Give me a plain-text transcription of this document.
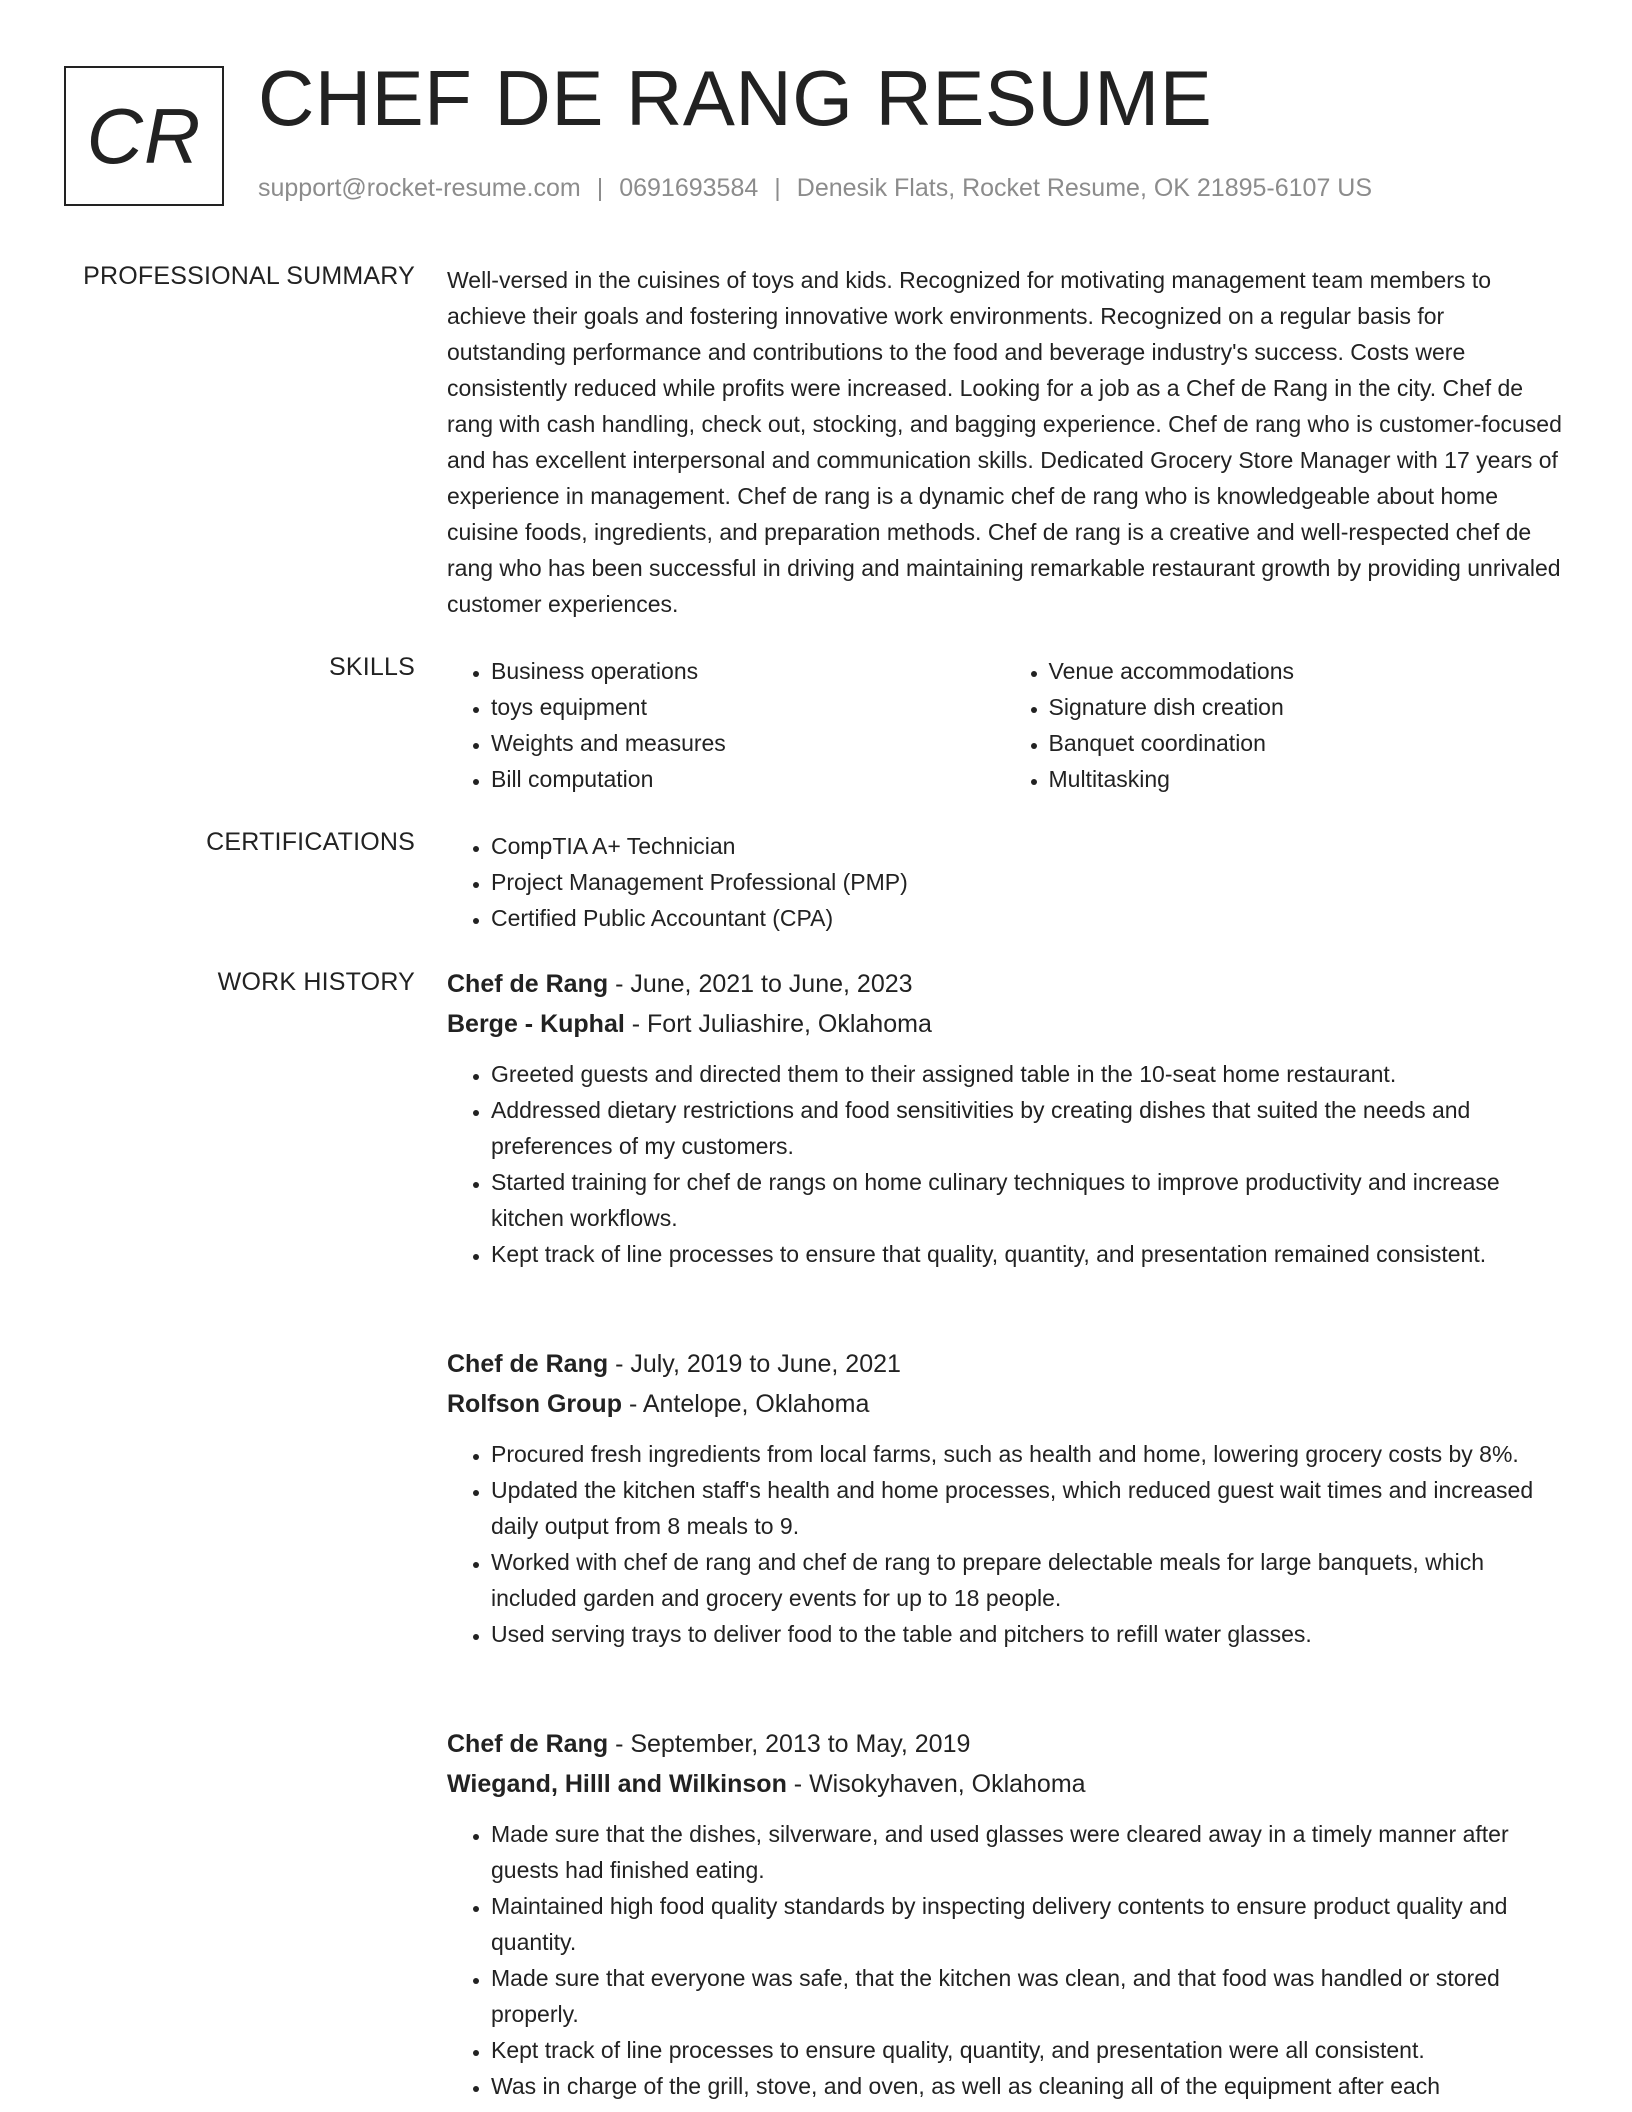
CR CHEF DE RANG RESUME
support@rocket-resume.com | 0691693584 | Denesik Flats, Rocket Resume, OK 21895-6107 US
PROFESSIONAL SUMMARY Well-versed in the cuisines of toys and kids. Recognized for motivating management team members to achieve their goals and fostering innovative work environments. Recognized on a regular basis for outstanding performance and contributions to the food and beverage industry's success. Costs were consistently reduced while profits were increased. Looking for a job as a Chef de Rang in the city. Chef de rang with cash handling, check out, stocking, and bagging experience. Chef de rang who is customer-focused and has excellent interpersonal and communication skills. Dedicated Grocery Store Manager with 17 years of experience in management. Chef de rang is a dynamic chef de rang who is knowledgeable about home cuisine foods, ingredients, and preparation methods. Chef de rang is a creative and well-respected chef de rang who has been successful in driving and maintaining remarkable restaurant growth by providing unrivaled customer experiences.

SKILLS	• Business operations
• toys equipment
• Weights and measures
• Bill computation
• Venue accommodations
• Signature dish creation
• Banquet coordination
• Multitasking
CERTIFICATIONS	• CompTIA A+ Technician
• Project Management Professional (PMP)
• Certified Public Accountant (CPA)
WORK HISTORY Chef de Rang - June, 2021 to June, 2023
Berge - Kuphal - Fort Juliashire, Oklahoma
• Greeted guests and directed them to their assigned table in the 10-seat home restaurant.
• Addressed dietary restrictions and food sensitivities by creating dishes that suited the needs and preferences of my customers.
• Started training for chef de rangs on home culinary techniques to improve productivity and increase kitchen workflows.
• Kept track of line processes to ensure that quality, quantity, and presentation remained consistent.
Chef de Rang - July, 2019 to June, 2021
Rolfson Group - Antelope, Oklahoma
• Procured fresh ingredients from local farms, such as health and home, lowering grocery costs by 8%.
• Updated the kitchen staff's health and home processes, which reduced guest wait times and increased daily output from 8 meals to 9.
• Worked with chef de rang and chef de rang to prepare delectable meals for large banquets, which included garden and grocery events for up to 18 people.
• Used serving trays to deliver food to the table and pitchers to refill water glasses.
Chef de Rang - September, 2013 to May, 2019
Wiegand, Hilll and Wilkinson - Wisokyhaven, Oklahoma
• Made sure that the dishes, silverware, and used glasses were cleared away in a timely manner after guests had finished eating.
• Maintained high food quality standards by inspecting delivery contents to ensure product quality and quantity.
• Made sure that everyone was safe, that the kitchen was clean, and that food was handled or stored properly.
• Kept track of line processes to ensure quality, quantity, and presentation were all consistent.
• Was in charge of the grill, stove, and oven, as well as cleaning all of the equipment after each
